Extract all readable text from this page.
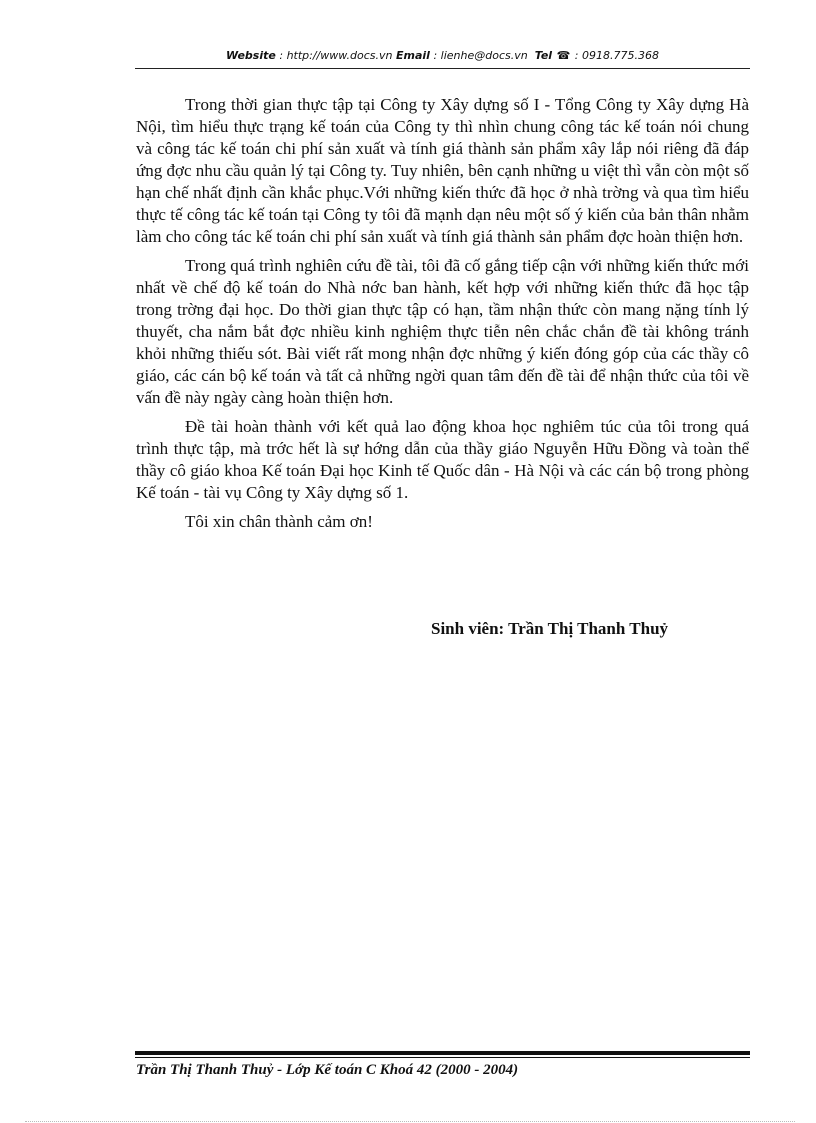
Website : http://www.docs.vn Email : lienhe@docs.vn Tel ☎ : 0918.775.368

Trong thời gian thực tập tại Công ty Xây dựng số I - Tổng Công ty Xây dựng Hà Nội, tìm hiểu thực trạng kế toán của Công ty thì nhìn chung công tác kế toán nói chung và công tác kế toán chi phí sản xuất và tính giá thành sản phẩm xây lắp nói riêng đã đáp ứng đợc nhu cầu quản lý tại Công ty. Tuy nhiên, bên cạnh những u việt thì vẫn còn một số hạn chế nhất định cần khắc phục.Với những kiến thức đã học ở nhà trờng và qua tìm hiểu thực tế công tác kế toán tại Công ty tôi đã mạnh dạn nêu một số ý kiến của bản thân nhằm làm cho công tác kế toán chi phí sản xuất và tính giá thành sản phẩm đợc hoàn thiện hơn.

Trong quá trình nghiên cứu đề tài, tôi đã cố gắng tiếp cận với những kiến thức mới nhất về chế độ kế toán do Nhà nớc ban hành, kết hợp với những kiến thức đã học tập trong trờng đại học. Do thời gian thực tập có hạn, tầm nhận thức còn mang nặng tính lý thuyết, cha nắm bắt đợc nhiều kinh nghiệm thực tiễn nên chắc chắn đề tài không tránh khỏi những thiếu sót. Bài viết rất mong nhận đợc những ý kiến đóng góp của các thầy cô giáo, các cán bộ kế toán và tất cả những ngời quan tâm đến đề tài để nhận thức của tôi về vấn đề này ngày càng hoàn thiện hơn.

Đề tài hoàn thành với kết quả lao động khoa học nghiêm túc của tôi trong quá trình thực tập, mà trớc hết là sự hớng dẫn của thầy giáo Nguyễn Hữu Đồng và toàn thể thầy cô giáo khoa Kế toán Đại học Kinh tế Quốc dân - Hà Nội và các cán bộ trong phòng Kế toán - tài vụ Công ty Xây dựng số 1.

Tôi xin chân thành cảm ơn!

Sinh viên: Trần Thị Thanh Thuỷ
Trần Thị Thanh Thuỷ - Lớp Kế toán C Khoá 42 (2000 - 2004)
